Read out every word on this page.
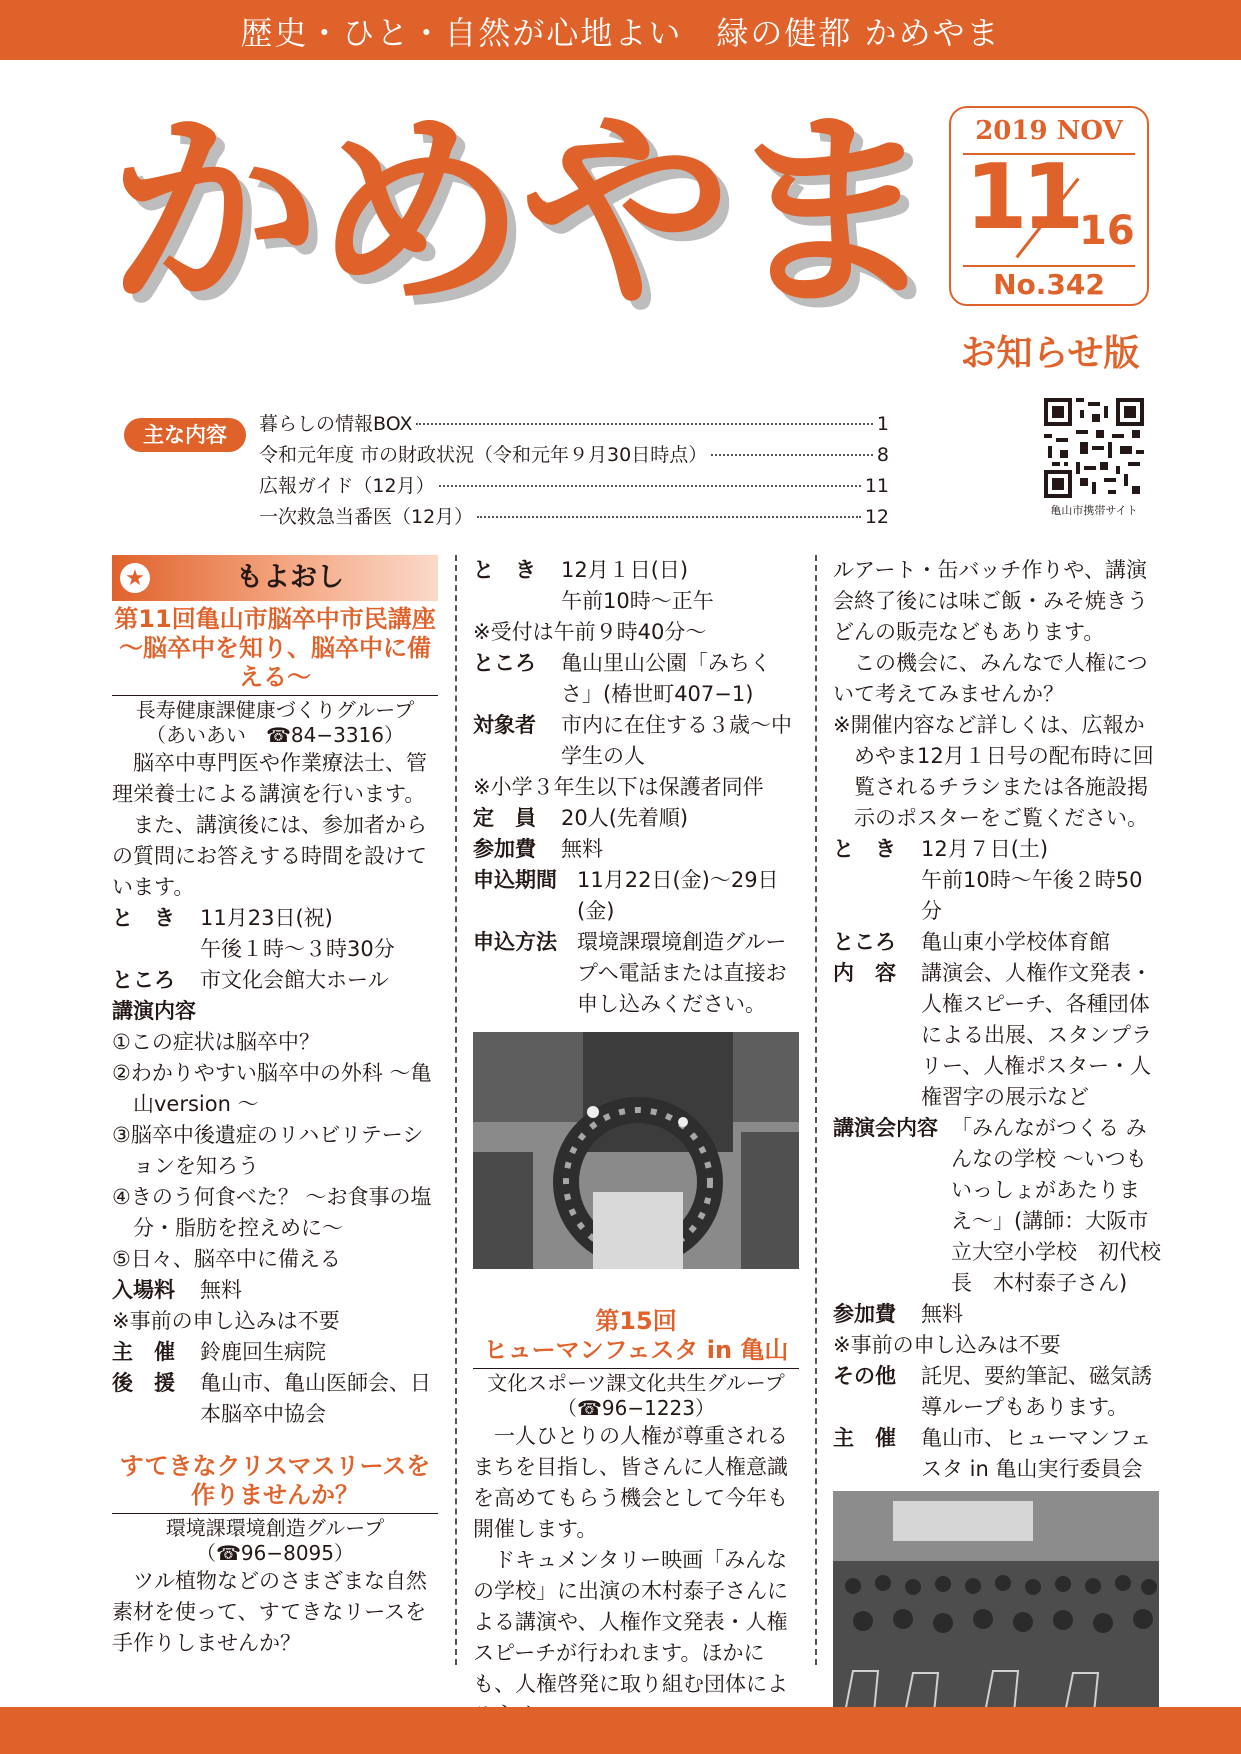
歴史・ひと・自然が心地よい　緑の健都 かめやま
かめやま	2019 NOV
11 16
No.342
お知らせ版
主な内容	暮らしの情報BOX	1
令和元年度 市の財政状況（令和元年９月30日時点）	8
広報ガイド（12月）	11
一次救急当番医（12月）	12	亀山市携帯サイト
★	もよおし
第11回亀山市脳卒中市民講座
〜脳卒中を知り、脳卒中に備える〜
長寿健康課健康づくりグループ
（あいあい　☎84−3316）
脳卒中専門医や作業療法士、管理栄養士による講演を行います。
また、講演後には、参加者からの質問にお答えする時間を設けています。
と　き	11月23日(祝)
午後１時〜３時30分
ところ	市文化会館大ホール
講演内容
①この症状は脳卒中？
②わかりやすい脳卒中の外科 〜亀山version 〜
③脳卒中後遺症のリハビリテーションを知ろう
④きのう何食べた？ 〜お食事の塩分・脂肪を控えめに〜
⑤日々、脳卒中に備える
入場料	無料
※事前の申し込みは不要
主　催	鈴鹿回生病院
後　援	亀山市、亀山医師会、日本脳卒中協会
すてきなクリスマスリースを
作りませんか？
環境課環境創造グループ
（☎96−8095）
ツル植物などのさまざまな自然素材を使って、すてきなリースを手作りしませんか？
と　き	12月１日(日)
午前10時〜正午
※受付は午前９時40分〜
ところ	亀山里山公園「みちくさ」(椿世町407−1)
対象者	市内に在住する３歳〜中学生の人
※小学３年生以下は保護者同伴
定　員	20人(先着順)
参加費	無料
申込期間 11月22日(金)〜29日(金)
申込方法 環境課環境創造グループへ電話または直接お申し込みください。
第15回
ヒューマンフェスタ in 亀山
文化スポーツ課文化共生グループ
（☎96−1223）
一人ひとりの人権が尊重されるまちを目指し、皆さんに人権意識を高めてもらう機会として今年も開催します。
ドキュメンタリー映画「みんなの学校」に出演の木村泰子さんによる講演や、人権作文発表・人権スピーチが行われます。ほかにも、人権啓発に取り組む団体によ
ルアート・缶バッチ作りや、講演会終了後には味ご飯・みそ焼きうどんの販売などもあります。
この機会に、みんなで人権について考えてみませんか？
※開催内容など詳しくは、広報かめやま12月１日号の配布時に回覧されるチラシまたは各施設掲示のポスターをご覧ください。
と　き	12月７日(土)
午前10時〜午後２時50分
ところ	亀山東小学校体育館
内　容	講演会、人権作文発表・人権スピーチ、各種団体による出展、スタンプラリー、人権ポスター・人権習字の展示など
講演会内容 「みんながつくる みんなの学校 〜いつもいっしょがあたりまえ〜」(講師：大阪市立大空小学校　初代校長　木村泰子さん)
参加費	無料
※事前の申し込みは不要
その他	託児、要約筆記、磁気誘導ループもあります。
主　催	亀山市、ヒューマンフェスタ in 亀山実行委員会
